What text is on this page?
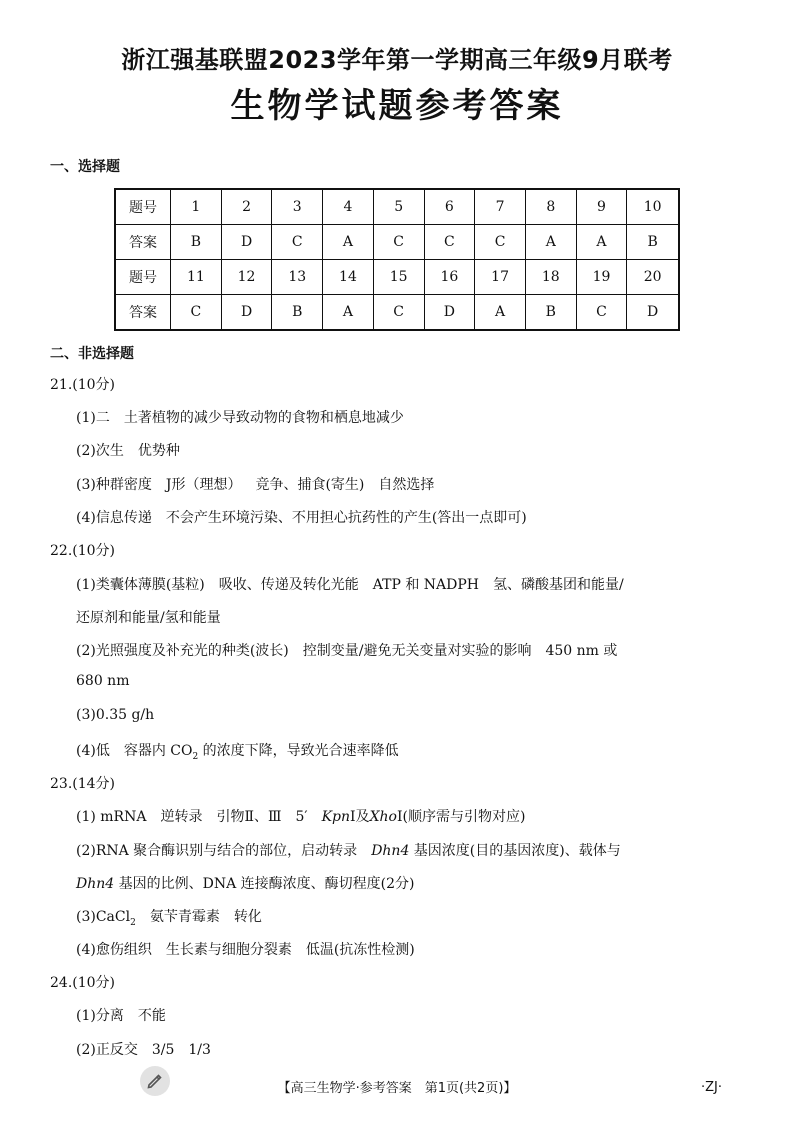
浙江强基联盟2023学年第一学期高三年级9月联考
生物学试题参考答案
一、选择题
题号	1	2	3	4	5	6	7	8	9	10
答案	B	D	C	A	C	C	C	A	A	B
题号	11	12	13	14	15	16	17	18	19	20
答案	C	D	B	A	C	D	A	B	C	D
二、非选择题
21.(10分)
(1)二 土著植物的减少导致动物的食物和栖息地减少
(2)次生 优势种
(3)种群密度 J形（理想） 竞争、捕食(寄生) 自然选择
(4)信息传递 不会产生环境污染、不用担心抗药性的产生(答出一点即可)
22.(10分)
(1)类囊体薄膜(基粒) 吸收、传递及转化光能 ATP 和 NADPH 氢、磷酸基团和能量/
还原剂和能量/氢和能量
(2)光照强度及补充光的种类(波长) 控制变量/避免无关变量对实验的影响 450 nm 或
680 nm
(3)0.35 g/h
(4)低 容器内 $CO_2$ 的浓度下降，导致光合速率降低
23.(14分)
(1) mRNA 逆转录 引物Ⅱ、Ⅲ 5′ KpnⅠ及XhoⅠ(顺序需与引物对应)
(2)RNA 聚合酶识别与结合的部位，启动转录 Dhn4 基因浓度(目的基因浓度)、载体与
Dhn4 基因的比例、DNA 连接酶浓度、酶切程度(2分)
(3)CaCl$_2$ 氨苄青霉素 转化
(4)愈伤组织 生长素与细胞分裂素 低温(抗冻性检测)
24.(10分)
(1)分离 不能
(2)正反交 3/5 1/3
【高三生物学·参考答案　第1页(共2页)】	·ZJ·
